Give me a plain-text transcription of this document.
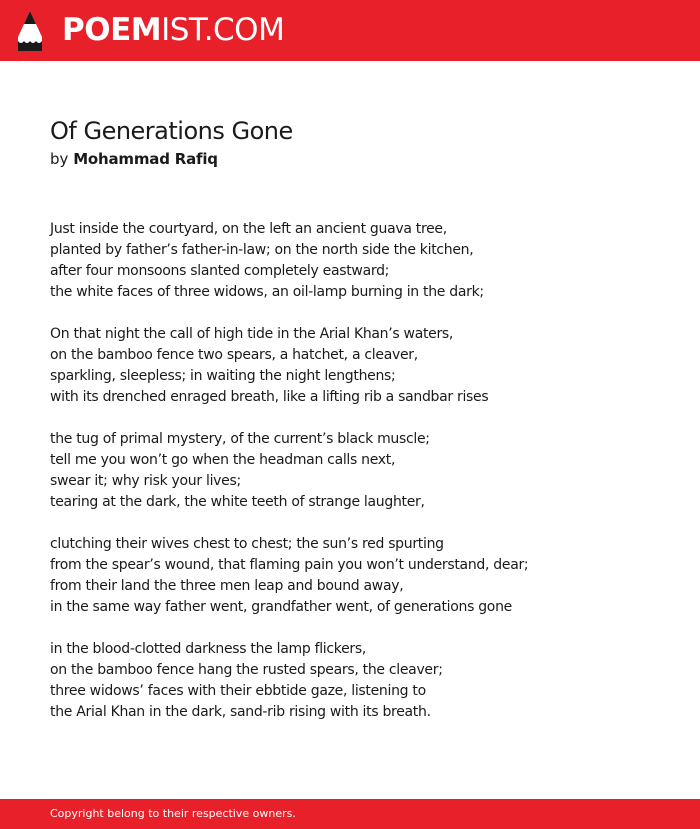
POEMIST.COM
Of Generations Gone
by Mohammad Rafiq
Just inside the courtyard, on the left an ancient guava tree,
planted by father’s father-in-law; on the north side the kitchen,
after four monsoons slanted completely eastward;
the white faces of three widows, an oil-lamp burning in the dark;
On that night the call of high tide in the Arial Khan’s waters,
on the bamboo fence two spears, a hatchet, a cleaver,
sparkling, sleepless; in waiting the night lengthens;
with its drenched enraged breath, like a lifting rib a sandbar rises
the tug of primal mystery, of the current’s black muscle;
tell me you won’t go when the headman calls next,
swear it; why risk your lives;
tearing at the dark, the white teeth of strange laughter,
clutching their wives chest to chest; the sun’s red spurting
from the spear’s wound, that flaming pain you won’t understand, dear;
from their land the three men leap and bound away,
in the same way father went, grandfather went, of generations gone
in the blood-clotted darkness the lamp flickers,
on the bamboo fence hang the rusted spears, the cleaver;
three widows’ faces with their ebbtide gaze, listening to
the Arial Khan in the dark, sand-rib rising with its breath.
Copyright belong to their respective owners.
